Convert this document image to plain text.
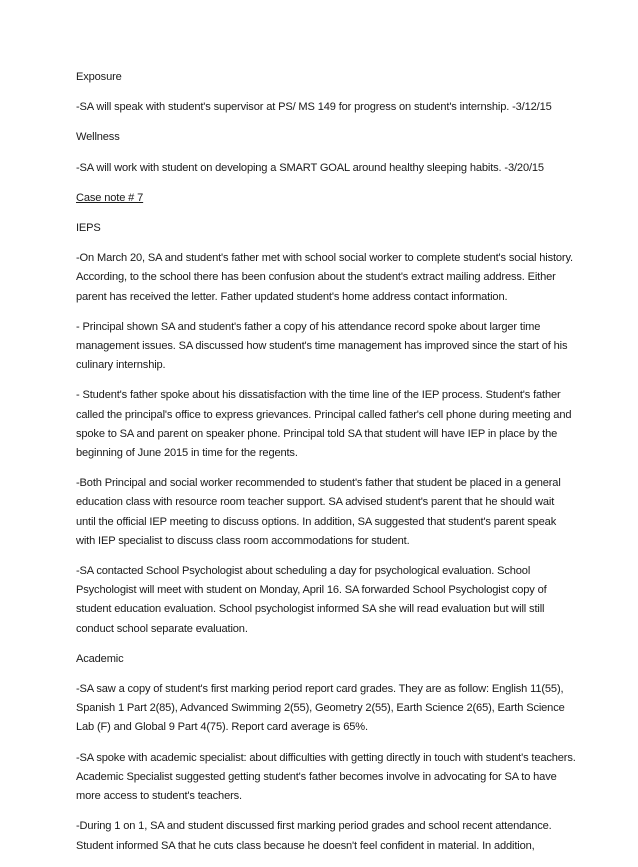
Exposure

-SA will speak with student's supervisor at PS/ MS 149 for progress on student's internship. -3/12/15

Wellness

-SA will work with student on developing a SMART GOAL around healthy sleeping habits. -3/20/15

Case note # 7

IEPS

-On March 20, SA and student's father met with school social worker to complete student's social history. According, to the school there has been confusion about the student's extract mailing address. Either parent has received the letter. Father updated student's home address contact information.

- Principal shown SA and student's father a copy of his attendance record spoke about larger time management issues. SA discussed how student's time management has improved since the start of his culinary internship.

- Student's father spoke about his dissatisfaction with the time line of the IEP process. Student's father called the principal's office to express grievances. Principal called father's cell phone during meeting and spoke to SA and parent on speaker phone. Principal told SA that student will have IEP in place by the beginning of June 2015 in time for the regents.

-Both Principal and social worker recommended to student's father that student be placed in a general education class with resource room teacher support. SA advised student's parent that he should wait until the official IEP meeting to discuss options. In addition, SA suggested that student's parent speak with IEP specialist to discuss class room accommodations for student.

-SA contacted School Psychologist about scheduling a day for psychological evaluation. School Psychologist will meet with student on Monday, April 16. SA forwarded School Psychologist copy of student education evaluation. School psychologist informed SA she will read evaluation but will still conduct school separate evaluation.

Academic

-SA saw a copy of student's first marking period report card grades. They are as follow: English 11(55), Spanish 1 Part 2(85), Advanced Swimming 2(55), Geometry 2(55), Earth Science 2(65), Earth Science Lab (F) and Global 9 Part 4(75). Report card average is 65%.

-SA spoke with academic specialist: about difficulties with getting directly in touch with student's teachers. Academic Specialist suggested getting student's father becomes involve in advocating for SA to have more access to student's teachers.

-During 1 on 1, SA and student discussed first marking period grades and school recent attendance. Student informed SA that he cuts class because he doesn't feel confident in material. In addition,
